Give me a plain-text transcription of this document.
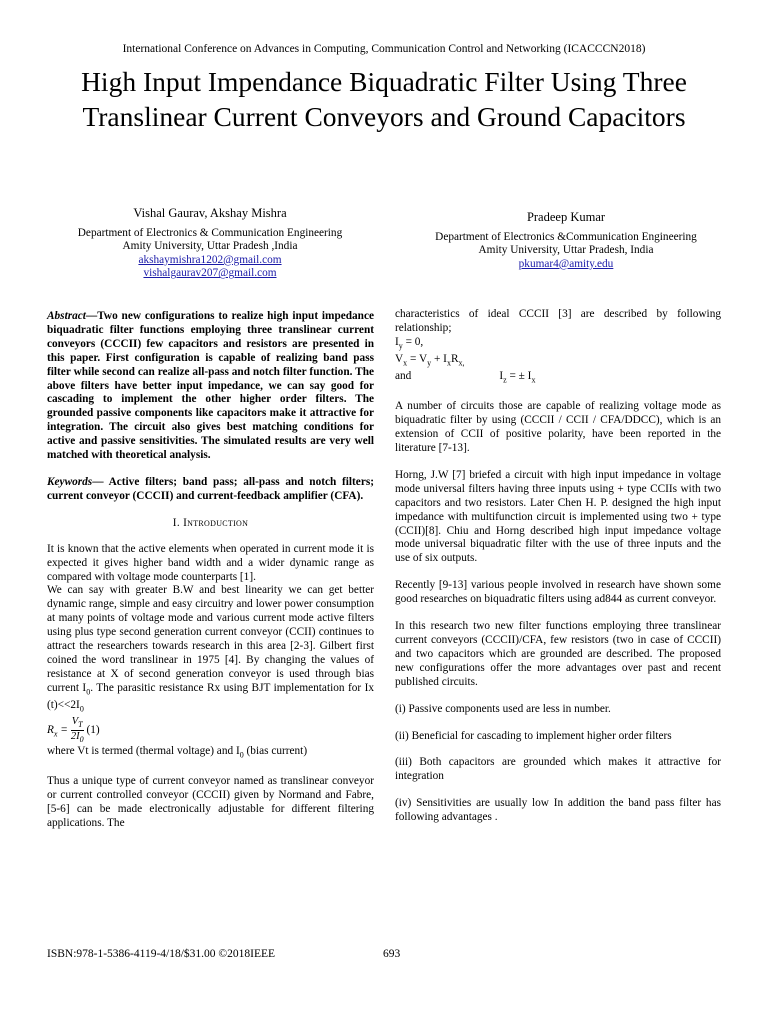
International Conference on Advances in Computing, Communication Control and Networking (ICACCCN2018)
High Input Impendance Biquadratic Filter Using Three Translinear Current Conveyors and Ground Capacitors
Vishal Gaurav, Akshay Mishra
Department of Electronics & Communication Engineering
Amity University, Uttar Pradesh ,India
akshaymishra1202@gmail.com
vishalgaurav207@gmail.com
Pradeep Kumar
Department of Electronics &Communication Engineering
Amity University, Uttar Pradesh, India
pkumar4@amity.edu

Abstract—Two new configurations to realize high input impedance biquadratic filter functions employing three translinear current conveyors (CCCII) few capacitors and resistors are presented in this paper. First configuration is capable of realizing band pass filter while second can realize all-pass and notch filter function. The above filters have better input impedance, we can say good for cascading to implement the other higher order filters. The grounded passive components like capacitors make it attractive for integration. The circuit also gives best matching conditions for active and passive sensitivities. The simulated results are very well matched with theoretical analysis.

Keywords— Active filters; band pass; all-pass and notch filters; current conveyor (CCCII) and current-feedback amplifier (CFA).

I. Introduction

It is known that the active elements when operated in current mode it is expected it gives higher band width and a wider dynamic range as compared with voltage mode counterparts [1].

We can say with greater B.W and best linearity we can get better dynamic range, simple and easy circuitry and lower power consumption at many points of voltage mode and various current mode active filters using plus type second generation current conveyor (CCII) continues to attract the researchers towards research in this area [2-3]. Gilbert first coined the word translinear in 1975 [4]. By changing the values of resistance at X of second generation conveyor is used through bias current $I_0$. The parasitic resistance Rx using BJT implementation for Ix $(t)<<2I_0$

$R_x = \frac{V_T}{2I_0} (1)$

where Vt is termed (thermal voltage) and $I_0$ (bias current)

Thus a unique type of current conveyor named as translinear conveyor or current controlled conveyor (CCCII) given by Normand and Fabre, [5-6] can be made electronically adjustable for different filtering applications. The

characteristics of ideal CCCII [3] are described by following relationship;

$I_y = 0$,

$V_x = V_y + I_xR_{x,}$

and	$I_z$ = ± $I_x$

A number of circuits those are capable of realizing voltage mode as biquadratic filter by using (CCCII / CCII / CFA/DDCC), which is an extension of CCII of positive polarity, have been reported in the literature [7-13].

Horng, J.W [7] briefed a circuit with high input impedance in voltage mode universal filters having three inputs using + type CCIIs with two capacitors and two resistors. Later Chen H. P. designed the high input impedance with multifunction circuit is implemented using two + type (CCII)[8]. Chiu and Horng described high input impedance voltage mode universal biquadratic filter with the use of three inputs and the use of six outputs.

Recently [9-13] various people involved in research have shown some good researches on biquadratic filters using ad844 as current conveyor.

In this research two new filter functions employing three translinear current conveyors (CCCII)/CFA, few resistors (two in case of CCCII) and two capacitors which are grounded are described. The proposed new configurations offer the more advantages over past and recent published circuits.

(i) Passive components used are less in number.

(ii) Beneficial for cascading to implement higher order filters

(iii) Both capacitors are grounded which makes it attractive for integration

(iv) Sensitivities are usually low In addition the band pass filter has following advantages .

ISBN:978-1-5386-4119-4/18/$31.00 ©2018IEEE	693
